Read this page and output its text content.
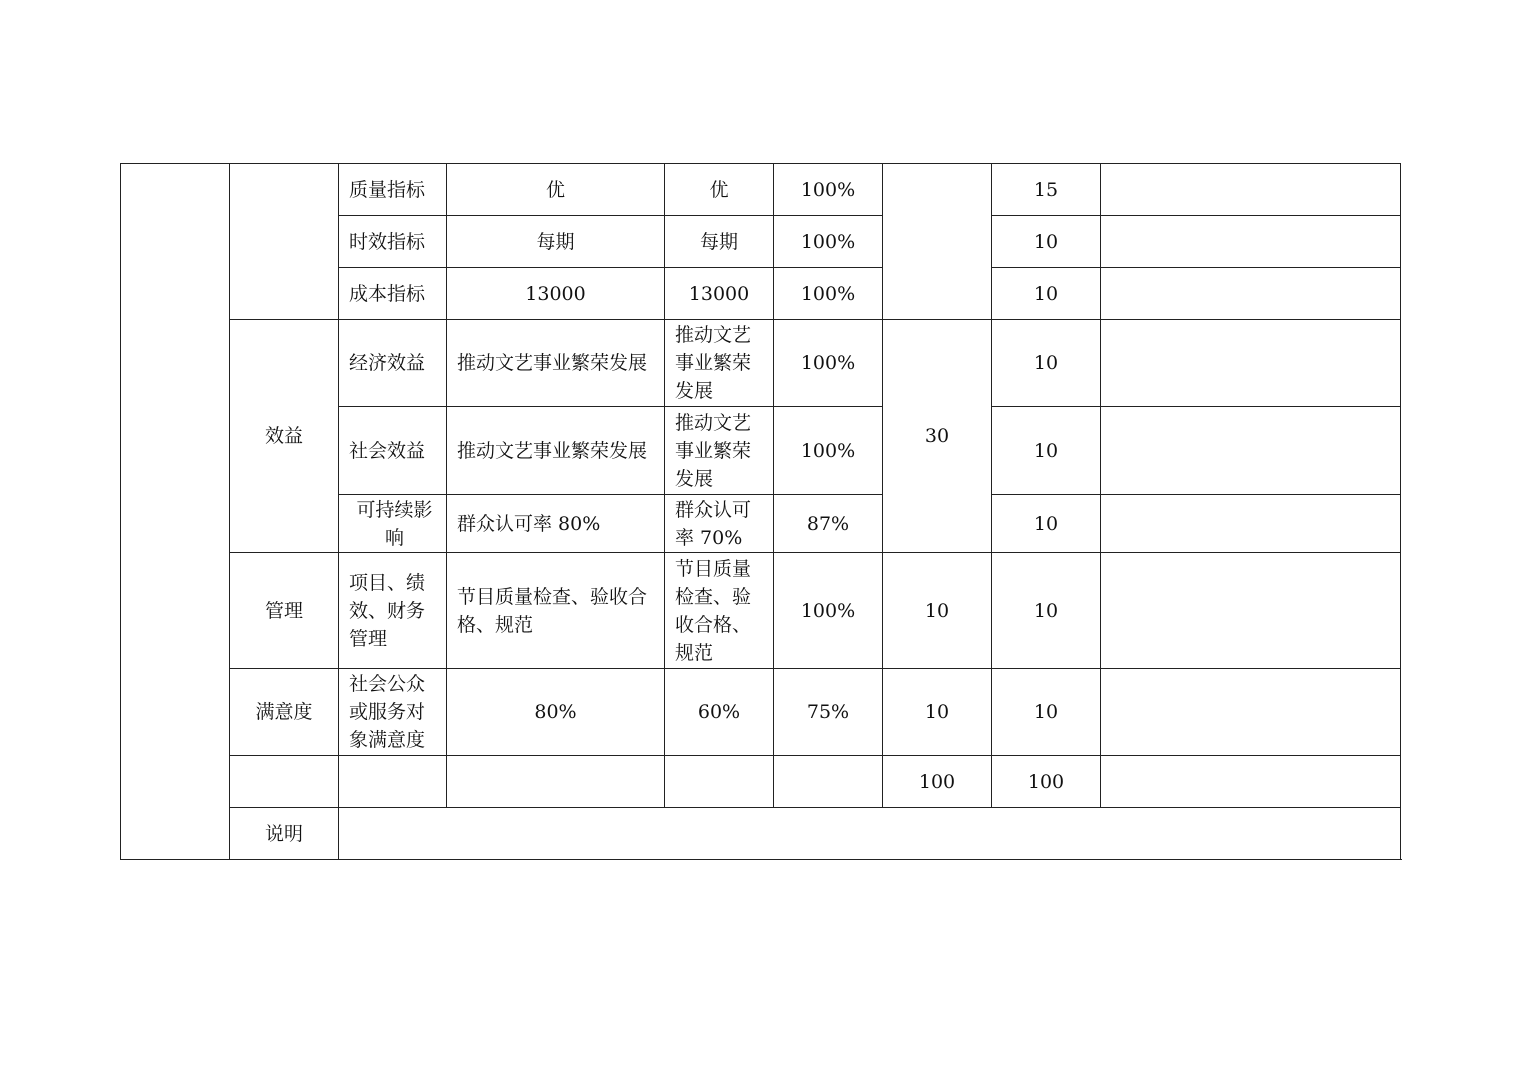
		质量指标	优	优	100%		15	
		时效指标	每期	每期	100%		10	
		成本指标	13000	13000	100%		10	
	效益	经济效益	推动文艺事业繁荣发展	推动文艺事业繁荣发展	100%	30	10	
		社会效益	推动文艺事业繁荣发展	推动文艺事业繁荣发展	100%		10	
		可持续影响	群众认可率 80%	群众认可率 70%	87%		10	
	管理	项目、绩效、财务管理	节目质量检查、验收合格、规范	节目质量检查、验收合格、规范	100%	10	10	
	满意度	社会公众或服务对象满意度	80%	60%	75%	10	10	
						100	100	
	说明							
